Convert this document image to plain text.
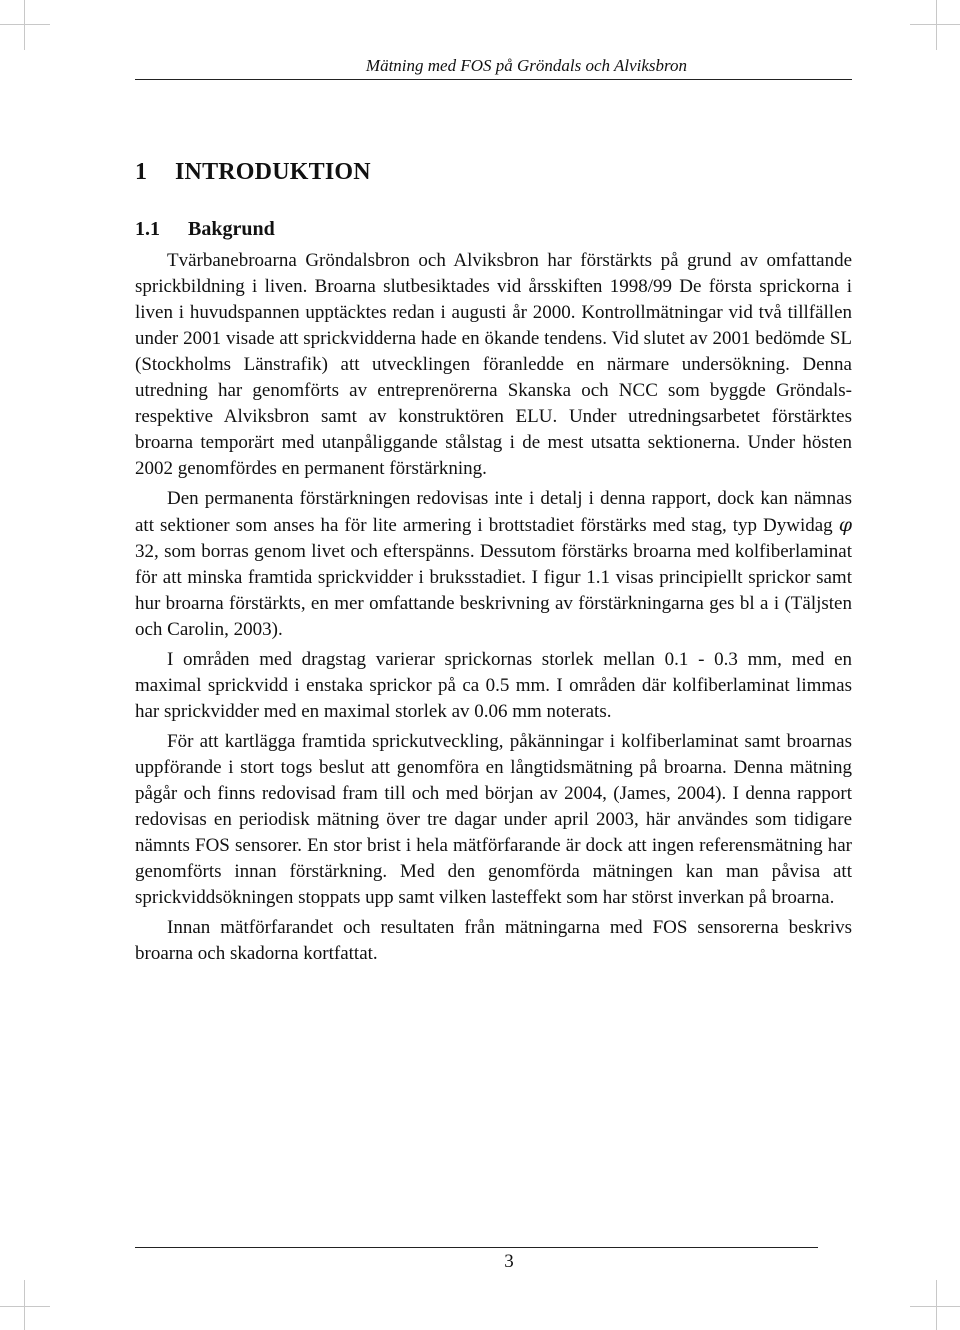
Mätning med FOS på Gröndals och Alviksbron
1 INTRODUKTION
1.1 Bakgrund

Tvärbanebroarna Gröndalsbron och Alviksbron har förstärkts på grund av omfattande sprickbildning i liven. Broarna slutbesiktades vid årsskiften 1998/99 De första sprickorna i liven i huvudspannen upptäcktes redan i augusti år 2000. Kontrollmätningar vid två tillfällen under 2001 visade att sprickvidderna hade en ökande tendens. Vid slutet av 2001 bedömde SL (Stockholms Länstrafik) att utvecklingen föranledde en närmare undersökning. Denna utredning har genomförts av entreprenörerna Skanska och NCC som byggde Gröndals- respektive Alviksbron samt av konstruktören ELU. Under utredningsarbetet förstärktes broarna temporärt med utanpåliggande stålstag i de mest utsatta sektionerna. Under hösten 2002 genomfördes en permanent förstärkning.

Den permanenta förstärkningen redovisas inte i detalj i denna rapport, dock kan nämnas att sektioner som anses ha för lite armering i brottstadiet förstärks med stag, typ Dywidag φ 32, som borras genom livet och efterspänns. Dessutom förstärks broarna med kolfiberlaminat för att minska framtida sprickvidder i bruksstadiet. I figur 1.1 visas principiellt sprickor samt hur broarna förstärkts, en mer omfattande beskrivning av förstärkningarna ges bl a i (Täljsten och Carolin, 2003).

I områden med dragstag varierar sprickornas storlek mellan 0.1 - 0.3 mm, med en maximal sprickvidd i enstaka sprickor på ca 0.5 mm. I områden där kolfiberlaminat limmas har sprickvidder med en maximal storlek av 0.06 mm noterats.

För att kartlägga framtida sprickutveckling, påkänningar i kolfiberlaminat samt broarnas uppförande i stort togs beslut att genomföra en långtidsmätning på broarna. Denna mätning pågår och finns redovisad fram till och med början av 2004, (James, 2004). I denna rapport redovisas en periodisk mätning över tre dagar under april 2003, här användes som tidigare nämnts FOS sensorer. En stor brist i hela mätförfarande är dock att ingen referensmätning har genomförts innan förstärkning. Med den genomförda mätningen kan man påvisa att sprickviddsökningen stoppats upp samt vilken lasteffekt som har störst inverkan på broarna.

Innan mätförfarandet och resultaten från mätningarna med FOS sensorerna beskrivs broarna och skadorna kortfattat.

3
